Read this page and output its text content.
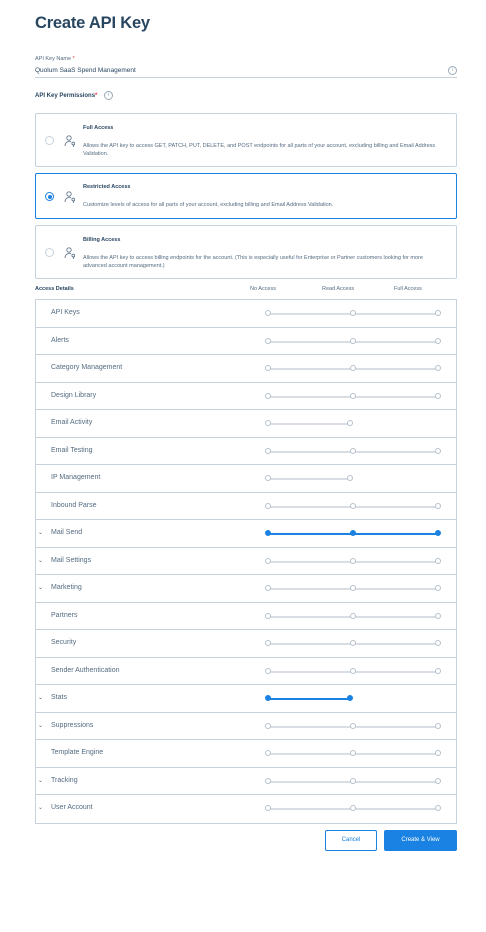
Create API Key
API Key Name *
Quolum SaaS Spend Management
i
API Key Permissions*	i
Full Access
Allows the API key to access GET, PATCH, PUT, DELETE, and POST endpoints for all parts of your account, excluding billing and Email Address Validation.
Restricted Access
Customize levels of access for all parts of your account, excluding billing and Email Address Validation.
Billing Access
Allows the API key to access billing endpoints for the account. (This is especially useful for Enterprise or Partner customers looking for more advanced account management.)
Access Details	No Access	Read Access	Full Access
API Keys
Alerts
Category Management
Design Library
Email Activity
Email Testing
IP Management
Inbound Parse
⌄	Mail Send
⌄	Mail Settings
⌄	Marketing
Partners
Security
Sender Authentication
⌄	Stats
⌄	Suppressions
Template Engine
⌄	Tracking
⌄	User Account
Cancel	Create & View
